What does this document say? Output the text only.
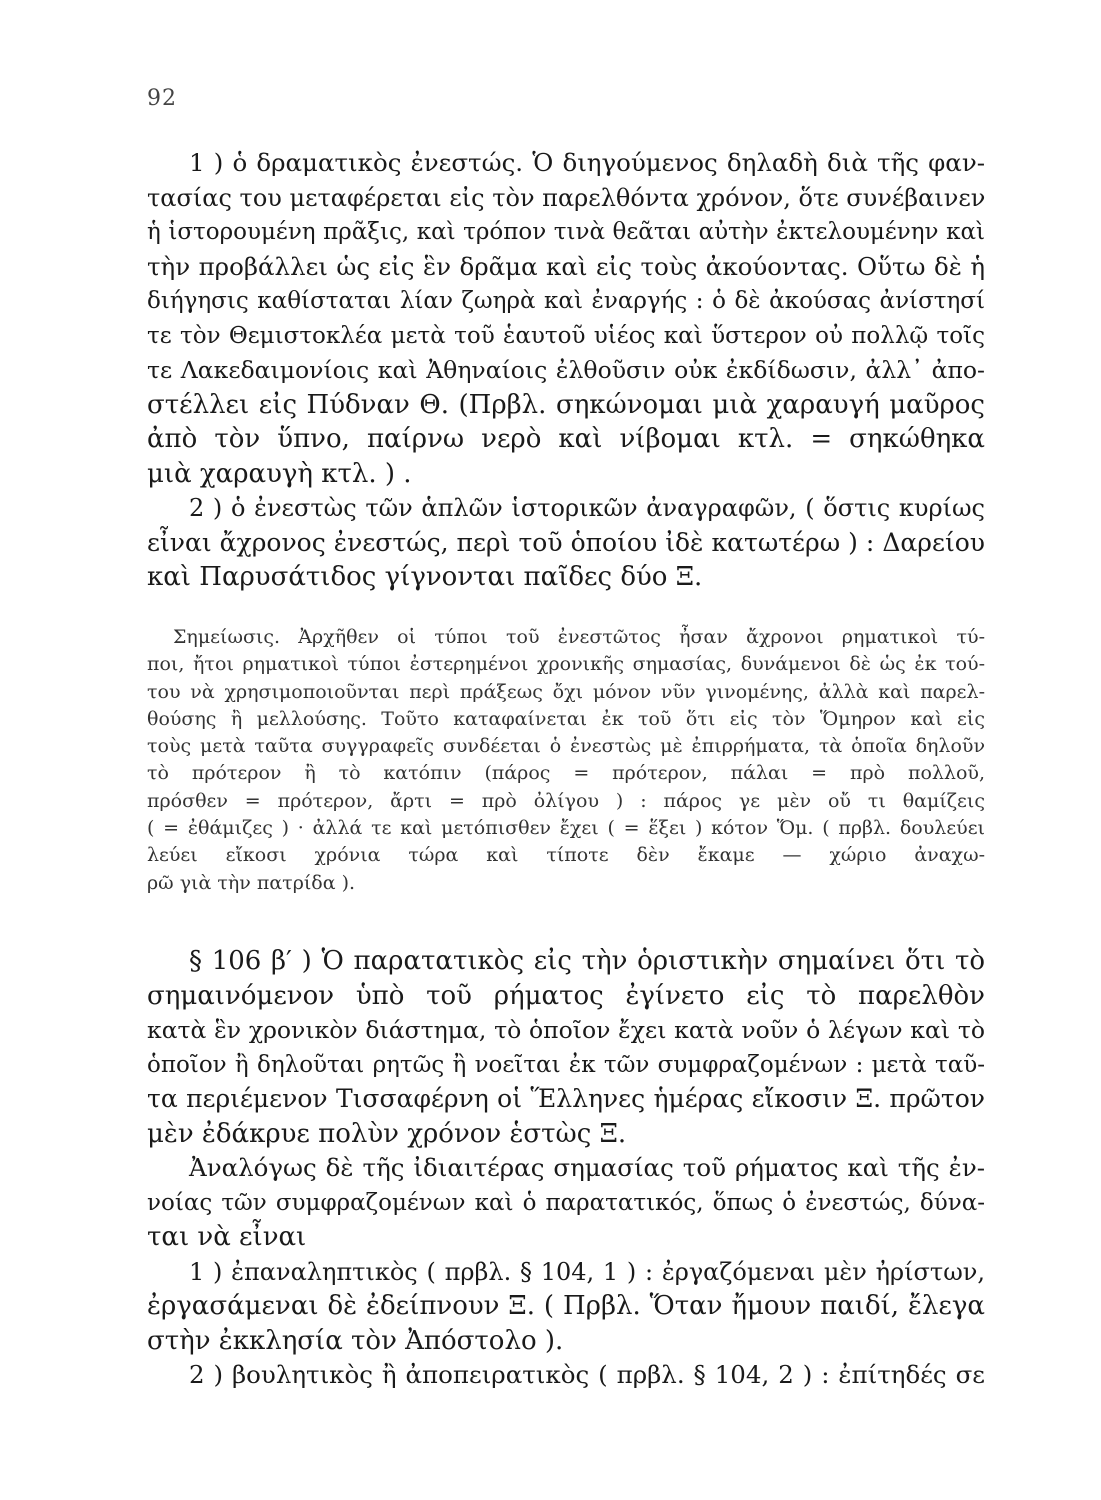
92
1 ) ὁ δραματικὸς ἐνεστώς. Ὁ διηγούμενος δηλαδὴ διὰ τῆς φαν-
τασίας του μεταφέρεται εἰς τὸν παρελθόντα χρόνον, ὅτε συνέβαινεν
ἡ ἱστορουμένη πρᾶξις, καὶ τρόπον τινὰ θεᾶται αὐτὴν ἐκτελουμένην καὶ
τὴν προβάλλει ὡς εἰς ἓν δρᾶμα καὶ εἰς τοὺς ἀκούοντας. Οὕτω δὲ ἡ
διήγησις καθίσταται λίαν ζωηρὰ καὶ ἐναργής : ὁ δὲ ἀκούσας ἀνίστησί
τε τὸν Θεμιστοκλέα μετὰ τοῦ ἑαυτοῦ υἱέος καὶ ὕστερον οὐ πολλῷ τοῖς
τε Λακεδαιμονίοις καὶ Ἀθηναίοις ἐλθοῦσιν οὐκ ἐκδίδωσιν, ἀλλ᾽ ἀπο-
στέλλει εἰς Πύδναν Θ. (Πρβλ. σηκώνομαι μιὰ χαραυγή μαῦρος
ἀπὸ τὸν ὕπνο, παίρνω νερὸ καὶ νίβομαι κτλ. = σηκώθηκα
μιὰ χαραυγὴ κτλ. ) .
2 ) ὁ ἐνεστὼς τῶν ἁπλῶν ἱστορικῶν ἀναγραφῶν, ( ὅστις κυρίως
εἶναι ἄχρονος ἐνεστώς, περὶ τοῦ ὁποίου ἰδὲ κατωτέρω ) : Δαρείου
καὶ Παρυσάτιδος γίγνονται παῖδες δύο Ξ.
Σημείωσις. Ἀρχῆθεν οἱ τύποι τοῦ ἐνεστῶτος ἦσαν ἄχρονοι ρηματικοὶ τύ-
ποι, ἤτοι ρηματικοὶ τύποι ἐστερημένοι χρονικῆς σημασίας, δυνάμενοι δὲ ὡς ἐκ τού-
του νὰ χρησιμοποιοῦνται περὶ πράξεως ὄχι μόνον νῦν γινομένης, ἀλλὰ καὶ παρελ-
θούσης ἢ μελλούσης. Τοῦτο καταφαίνεται ἐκ τοῦ ὅτι εἰς τὸν Ὅμηρον καὶ εἰς
τοὺς μετὰ ταῦτα συγγραφεῖς συνδέεται ὁ ἐνεστὼς μὲ ἐπιρρήματα, τὰ ὁποῖα δηλοῦν
τὸ πρότερον ἢ τὸ κατόπιν (πάρος = πρότερον, πάλαι = πρὸ πολλοῦ,
πρόσθεν = πρότερον, ἄρτι = πρὸ ὀλίγου ) : πάρος γε μὲν οὔ τι θαμίζεις
( = ἐθάμιζες ) · ἀλλά τε καὶ μετόπισθεν ἔχει ( = ἕξει ) κότον Ὅμ. ( πρβλ. δουλεύει
λεύει εἴκοσι χρόνια τώρα καὶ τίποτε δὲν ἔκαμε — χώριο ἀναχω-
ρῶ γιὰ τὴν πατρίδα ).
§ 106 β′ ) Ὁ παρατατικὸς εἰς τὴν ὁριστικὴν σημαίνει ὅτι τὸ
σημαινόμενον ὑπὸ τοῦ ρήματος ἐγίνετο εἰς τὸ παρελθὸν
κατὰ ἓν χρονικὸν διάστημα, τὸ ὁποῖον ἔχει κατὰ νοῦν ὁ λέγων καὶ τὸ
ὁποῖον ἢ δηλοῦται ρητῶς ἢ νοεῖται ἐκ τῶν συμφραζομένων : μετὰ ταῦ-
τα περιέμενον Τισσαφέρνη οἱ Ἕλληνες ἡμέρας εἴκοσιν Ξ. πρῶτον
μὲν ἐδάκρυε πολὺν χρόνον ἑστὼς Ξ.
Ἀναλόγως δὲ τῆς ἰδιαιτέρας σημασίας τοῦ ρήματος καὶ τῆς ἐν-
νοίας τῶν συμφραζομένων καὶ ὁ παρατατικός, ὅπως ὁ ἐνεστώς, δύνα-
ται νὰ εἶναι
1 ) ἐπαναληπτικὸς ( πρβλ. § 104, 1 ) : ἐργαζόμεναι μὲν ἠρίστων,
ἐργασάμεναι δὲ ἐδείπνουν Ξ. ( Πρβλ. Ὅταν ἤμουν παιδί, ἔλεγα
στὴν ἐκκλησία τὸν Ἀπόστολο ).
2 ) βουλητικὸς ἢ ἀποπειρατικὸς ( πρβλ. § 104, 2 ) : ἐπίτηδές σε
